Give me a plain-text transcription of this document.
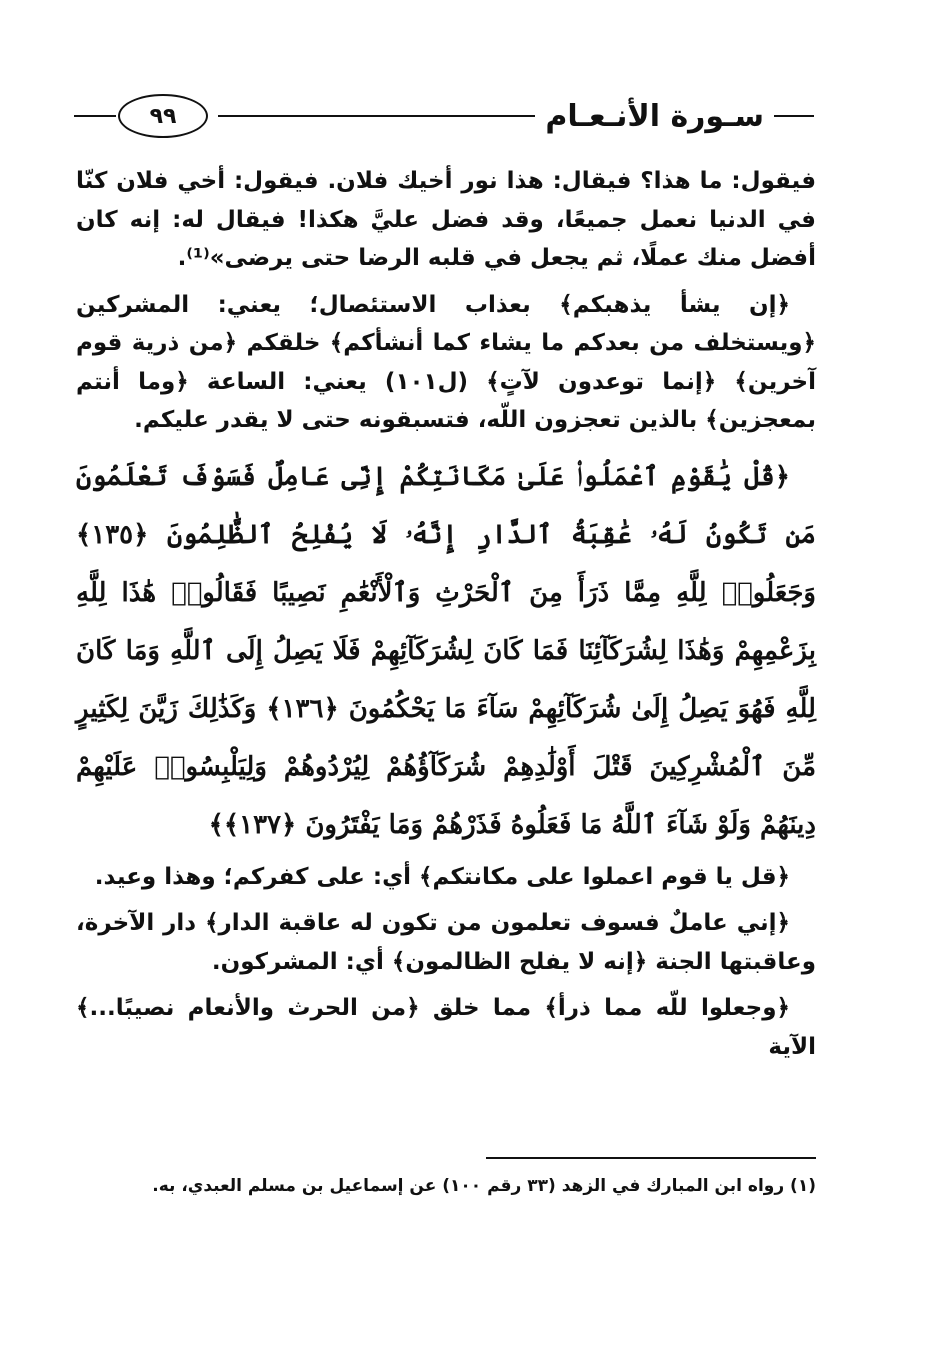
٩٩	سـورة الأنـعـام

فيقول: ما هذا؟ فيقال: هذا نور أخيك فلان. فيقول: أخي فلان كنّا في الدنيا نعمل جميعًا، وقد فضل عليَّ هكذا! فيقال له: إنه كان أفضل منك عملًا، ثم يجعل في قلبه الرضا حتى يرضى»⁽¹⁾.

﴿إن يشأ يذهبكم﴾ بعذاب الاستئصال؛ يعني: المشركين ﴿ويستخلف من بعدكم ما يشاء كما أنشأكم﴾ خلقكم ﴿من ذرية قوم آخرين﴾ ﴿إنما توعدون لآتٍ﴾ (ل١٠١) يعني: الساعة ﴿وما أنتم بمعجزين﴾ بالذين تعجزون اللّه، فتسبقونه حتى لا يقدر عليكم.

﴿قُلْ يَٰقَوْمِ ٱعْمَلُوا۟ عَلَىٰ مَكَانَتِكُمْ إِنِّى عَامِلٌ فَسَوْفَ تَعْلَمُونَ مَن تَكُونُ لَهُۥ عَٰقِبَةُ ٱلدَّارِ إِنَّهُۥ لَا يُفْلِحُ ٱلظَّٰلِمُونَ ﴿١٣٥﴾ وَجَعَلُوا۟ لِلَّهِ مِمَّا ذَرَأَ مِنَ ٱلْحَرْثِ وَٱلْأَنْعَٰمِ نَصِيبًا فَقَالُوا۟ هَٰذَا لِلَّهِ بِزَعْمِهِمْ وَهَٰذَا لِشُرَكَآئِنَا فَمَا كَانَ لِشُرَكَآئِهِمْ فَلَا يَصِلُ إِلَى ٱللَّهِ وَمَا كَانَ لِلَّهِ فَهُوَ يَصِلُ إِلَىٰ شُرَكَآئِهِمْ سَآءَ مَا يَحْكُمُونَ ﴿١٣٦﴾ وَكَذَٰلِكَ زَيَّنَ لِكَثِيرٍ مِّنَ ٱلْمُشْرِكِينَ قَتْلَ أَوْلَٰدِهِمْ شُرَكَآؤُهُمْ لِيُرْدُوهُمْ وَلِيَلْبِسُوا۟ عَلَيْهِمْ دِينَهُمْ وَلَوْ شَآءَ ٱللَّهُ مَا فَعَلُوهُ فَذَرْهُمْ وَمَا يَفْتَرُونَ ﴿١٣٧﴾﴾

﴿قل يا قوم اعملوا على مكانتكم﴾ أي: على كفركم؛ وهذا وعيد.

﴿إني عاملٌ فسوف تعلمون من تكون له عاقبة الدار﴾ دار الآخرة، وعاقبتها الجنة ﴿إنه لا يفلح الظالمون﴾ أي: المشركون.

﴿وجعلوا للّه مما ذرأ﴾ مما خلق ﴿من الحرث والأنعام نصيبًا...﴾ الآية

(١) رواه ابن المبارك في الزهد (٣٣ رقم ١٠٠) عن إسماعيل بن مسلم العبدي، به.
